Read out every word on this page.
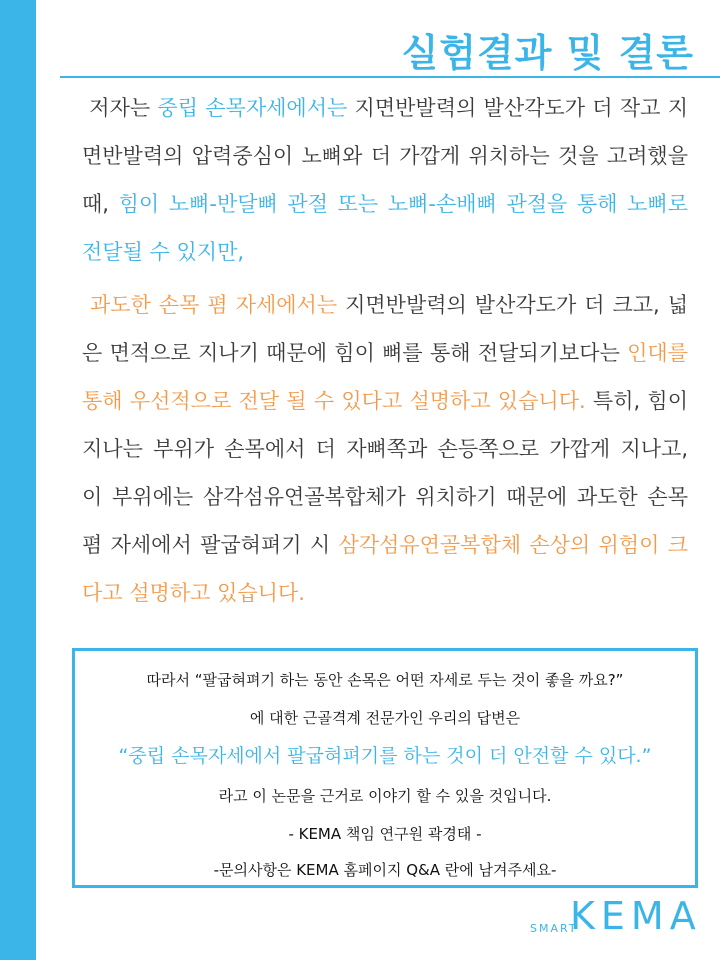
실험결과 및 결론
저자는 중립 손목자세에서는 지면반발력의 발산각도가 더 작고 지면반발력의 압력중심이 노뼈와 더 가깝게 위치하는 것을 고려했을 때, 힘이 노뼈-반달뼈 관절 또는 노뼈-손배뼈 관절을 통해 노뼈로 전달될 수 있지만,
과도한 손목 폄 자세에서는 지면반발력의 발산각도가 더 크고, 넓은 면적으로 지나기 때문에 힘이 뼈를 통해 전달되기보다는 인대를 통해 우선적으로 전달 될 수 있다고 설명하고 있습니다. 특히, 힘이 지나는 부위가 손목에서 더 자뼈쪽과 손등쪽으로 가깝게 지나고, 이 부위에는 삼각섬유연골복합체가 위치하기 때문에 과도한 손목 폄 자세에서 팔굽혀펴기 시 삼각섬유연골복합체 손상의 위험이 크다고 설명하고 있습니다.
따라서 “팔굽혀펴기 하는 동안 손목은 어떤 자세로 두는 것이 좋을 까요?”
에 대한 근골격계 전문가인 우리의 답변은
“중립 손목자세에서 팔굽혀펴기를 하는 것이 더 안전할 수 있다.”
라고 이 논문을 근거로 이야기 할 수 있을 것입니다.
- KEMA 책임 연구원 곽경태 -
-문의사항은 KEMA 홈페이지 Q&A 란에 남겨주세요-
SMART
KEMA
